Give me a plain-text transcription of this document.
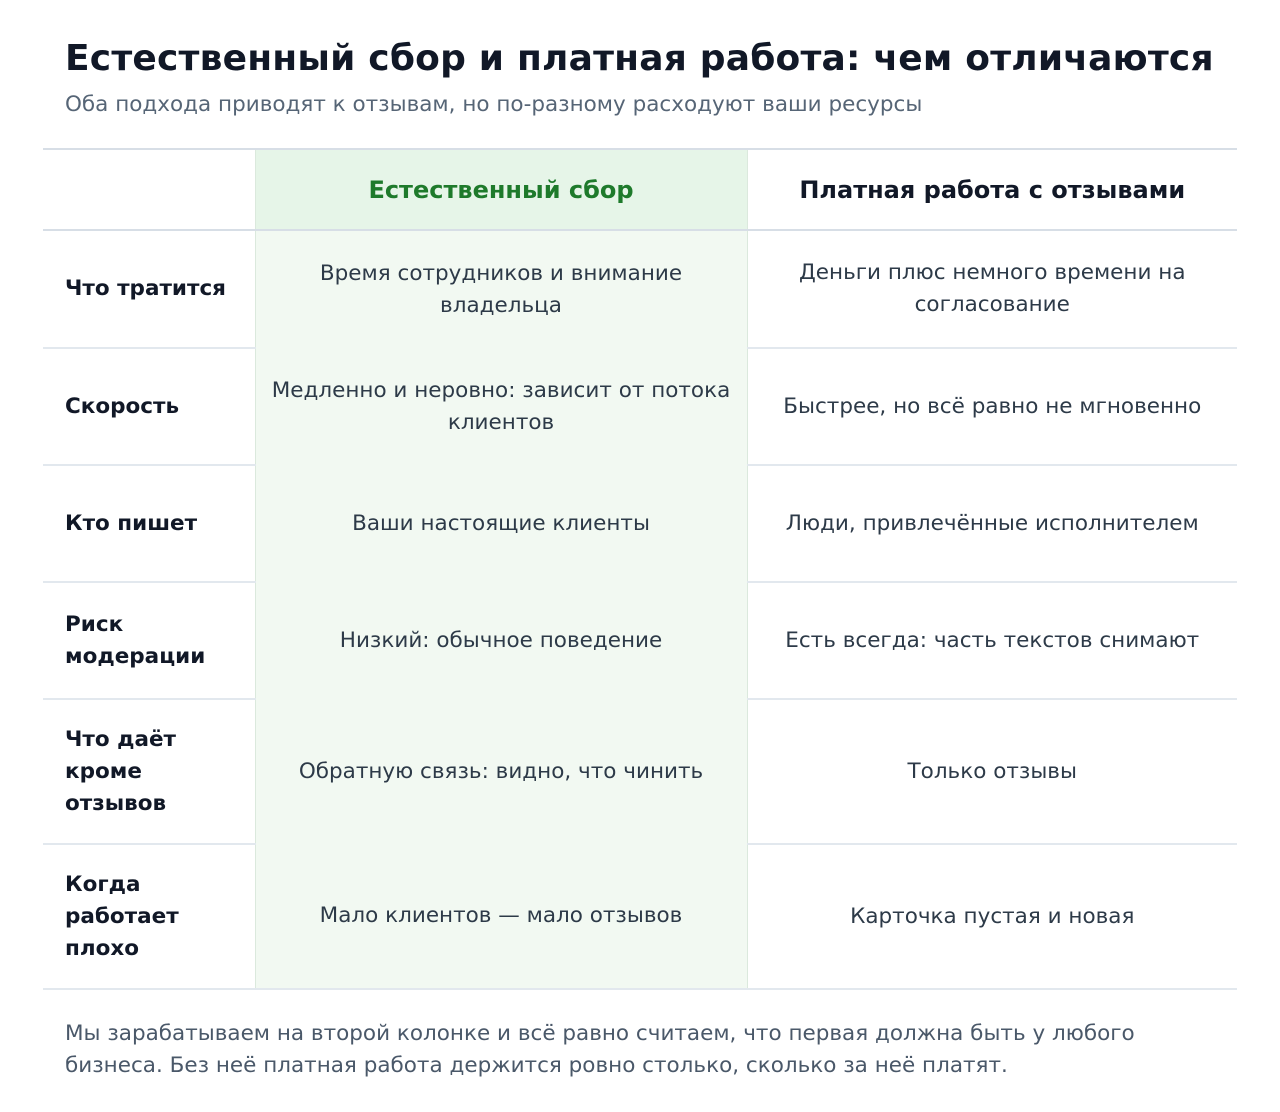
Естественный сбор и платная работа: чем отличаются

Оба подхода приводят к отзывам, но по-разному расходуют ваши ресурсы

	Естественный сбор	Платная работа с отзывами
Что тратится	Время сотрудников и внимание владельца	Деньги плюс немного времени на согласование
Скорость	Медленно и неровно: зависит от потока клиентов	Быстрее, но всё равно не мгновенно
Кто пишет	Ваши настоящие клиенты	Люди, привлечённые исполнителем
Риск модерации	Низкий: обычное поведение	Есть всегда: часть текстов снимают
Что даёт кроме отзывов	Обратную связь: видно, что чинить	Только отзывы
Когда работает плохо	Мало клиентов — мало отзывов	Карточка пустая и новая

Мы зарабатываем на второй колонке и всё равно считаем, что первая должна быть у любого бизнеса. Без неё платная работа держится ровно столько, сколько за неё платят.
